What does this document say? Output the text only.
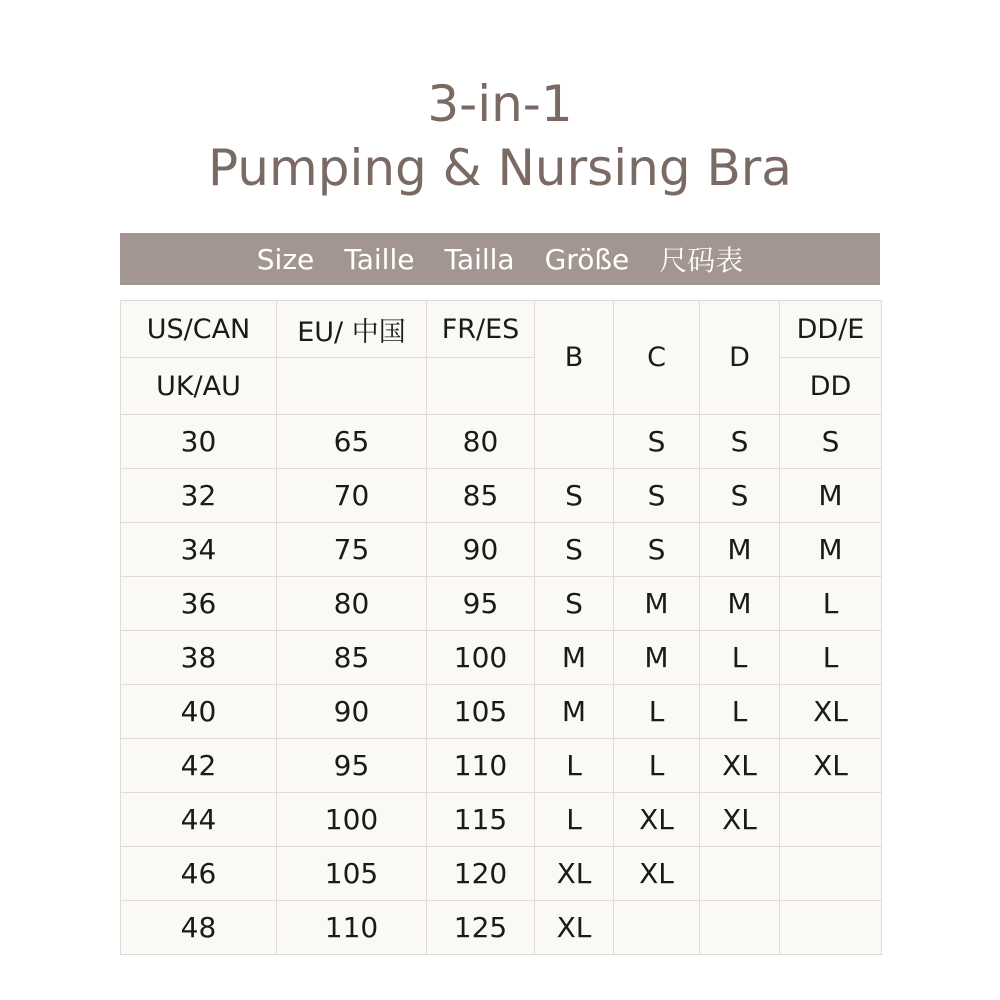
3-in-1
Pumping & Nursing Bra
Size Taille Tailla Größe 尺码表
US/CAN	EU/ 中国	FR/ES	B	C	D	DD/E
UK/AU						DD
30	65	80		S	S	S
32	70	85	S	S	S	M
34	75	90	S	S	M	M
36	80	95	S	M	M	L
38	85	100	M	M	L	L
40	90	105	M	L	L	XL
42	95	110	L	L	XL	XL
44	100	115	L	XL	XL	
46	105	120	XL	XL		
48	110	125	XL			
